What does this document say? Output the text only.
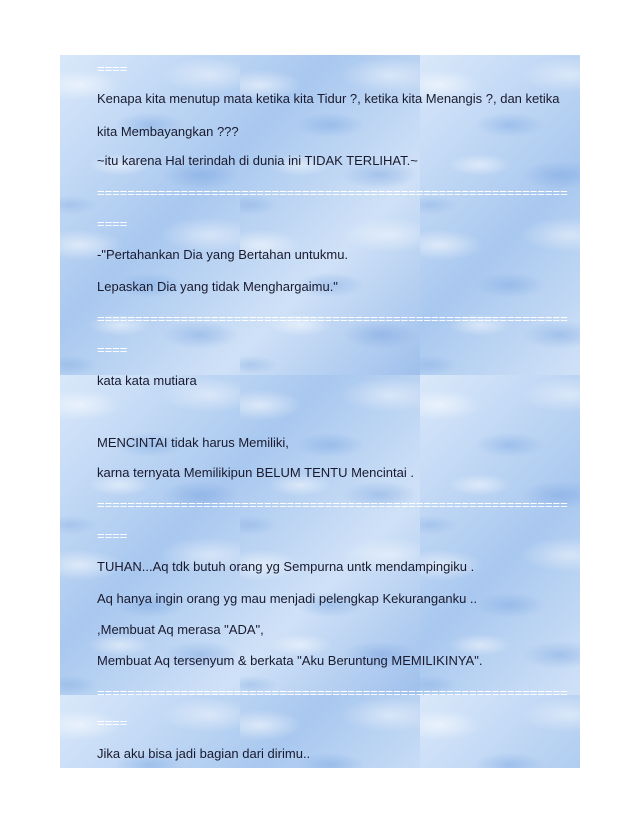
====
Kenapa kita menutup mata ketika kita Tidur ?, ketika kita Menangis ?, dan ketika
kita Membayangkan ???
~itu karena Hal terindah di dunia ini TIDAK TERLIHAT.~
==============================================================
====
-"Pertahankan Dia yang Bertahan untukmu.
Lepaskan Dia yang tidak Menghargaimu."
==============================================================
====
kata kata mutiara
MENCINTAI tidak harus Memiliki,
karna ternyata Memilikipun BELUM TENTU Mencintai .
==============================================================
====
TUHAN...Aq tdk butuh orang yg Sempurna untk mendampingiku .
Aq hanya ingin orang yg mau menjadi pelengkap Kekuranganku ..
,Membuat Aq merasa "ADA",
Membuat Aq tersenyum & berkata "Aku Beruntung MEMILIKINYA".
==============================================================
====
Jika aku bisa jadi bagian dari dirimu..
